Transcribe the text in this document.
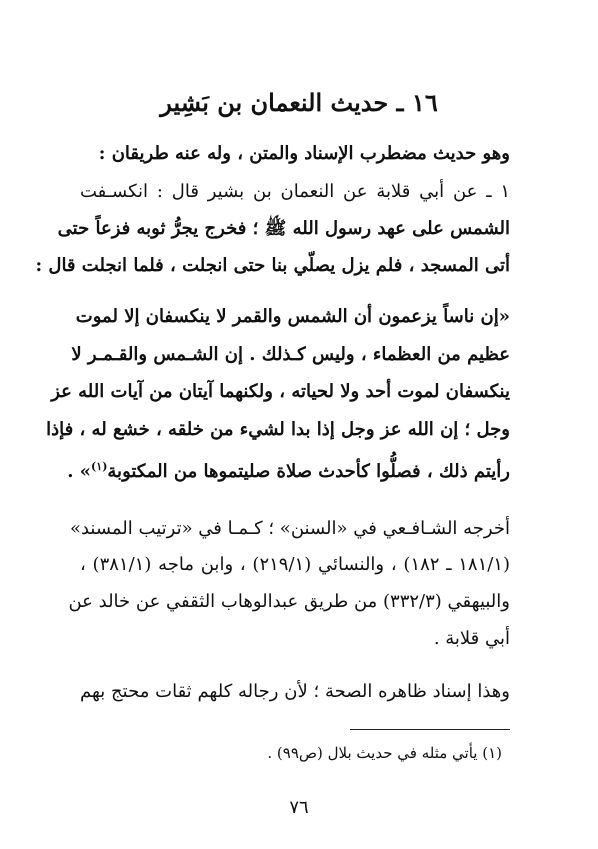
١٦ ـ حديث النعمان بن بَشِير
وهو حديث مضطرب الإسناد والمتن ، وله عنه طريقان :
١ ـ عن أبي قلابة عن النعمان بن بشير قال : انكسـفت
الشمس على عهد رسول الله ﷺ ؛ فخرج يجرُّ ثوبه فزعاً حتى
أتى المسجد ، فلم يزل يصلّي بنا حتى انجلت ، فلما انجلت قال :
«إن ناساً يزعمون أن الشمس والقمر لا ينكسفان إلا لموت
عظيم من العظماء ، وليس كـذلك . إن الشـمس والقـمـر لا
ينكسفان لموت أحد ولا لحياته ، ولكنهما آيتان من آيات الله عز
وجل ؛ إن الله عز وجل إذا بدا لشيء من خلقه ، خشع له ، فإذا
رأيتم ذلك ، فصلُّوا كأحدث صلاة صليتموها من المكتوبة$^{(١)}$» .
أخرجه الشـافـعي في «السنن» ؛ كـمـا في «ترتيب المسند»
(١٨١/١ ـ ١٨٢) ، والنسائي (٢١٩/١) ، وابن ماجه (٣٨١/١) ،
والبيهقي (٣٣٢/٣) من طريق عبدالوهاب الثقفي عن خالد عن
أبي قلابة .
وهذا إسناد ظاهره الصحة ؛ لأن رجاله كلهم ثقات محتج بهم
(١) يأتي مثله في حديث بلال (ص٩٩) .
٧٦
